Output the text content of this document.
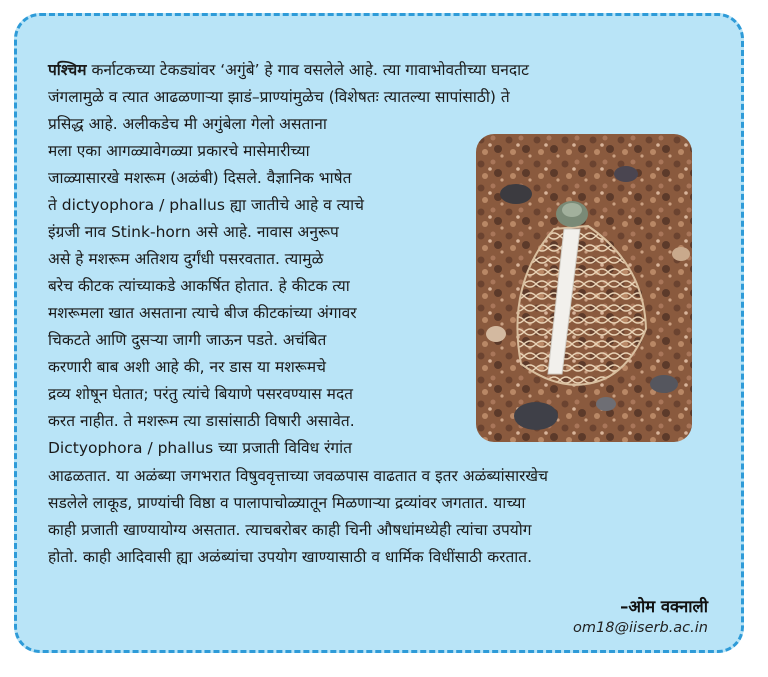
पश्चिम कर्नाटकच्या टेकड्यांवर ‘अगुंबे’ हे गाव वसलेले आहे. त्या गावाभोवतीच्या घनदाट
जंगलामुळे व त्यात आढळणाऱ्या झाडं–प्राण्यांमुळेच (विशेषतः त्यातल्या सापांसाठी) ते
प्रसिद्ध आहे. अलीकडेच मी अगुंबेला गेलो असताना
मला एका आगळ्यावेगळ्या प्रकारचे मासेमारीच्या
जाळ्यासारखे मशरूम (अळंबी) दिसले. वैज्ञानिक भाषेत
ते dictyophora / phallus ह्या जातीचे आहे व त्याचे
इंग्रजी नाव Stink-horn असे आहे. नावास अनुरूप
असे हे मशरूम अतिशय दुर्गंधी पसरवतात. त्यामुळे
बरेच कीटक त्यांच्याकडे आकर्षित होतात. हे कीटक त्या
मशरूमला खात असताना त्याचे बीज कीटकांच्या अंगावर
चिकटते आणि दुसऱ्या जागी जाऊन पडते. अचंबित
करणारी बाब अशी आहे की, नर डास या मशरूमचे
द्रव्य शोषून घेतात; परंतु त्यांचे बियाणे पसरवण्यास मदत
करत नाहीत. ते मशरूम त्या डासांसाठी विषारी असावेत.
Dictyophora / phallus च्या प्रजाती विविध रंगांत
आढळतात. या अळंब्या जगभरात विषुववृत्ताच्या जवळपास वाढतात व इतर अळंब्यांसारखेच
सडलेले लाकूड, प्राण्यांची विष्ठा व पालापाचोळ्यातून मिळणाऱ्या द्रव्यांवर जगतात. याच्या
काही प्रजाती खाण्यायोग्य असतात. त्याचबरोबर काही चिनी औषधांमध्येही त्यांचा उपयोग
होतो. काही आदिवासी ह्या अळंब्यांचा उपयोग खाण्यासाठी व धार्मिक विधींसाठी करतात.
–ओम वक्नाली
om18@iiserb.ac.in
